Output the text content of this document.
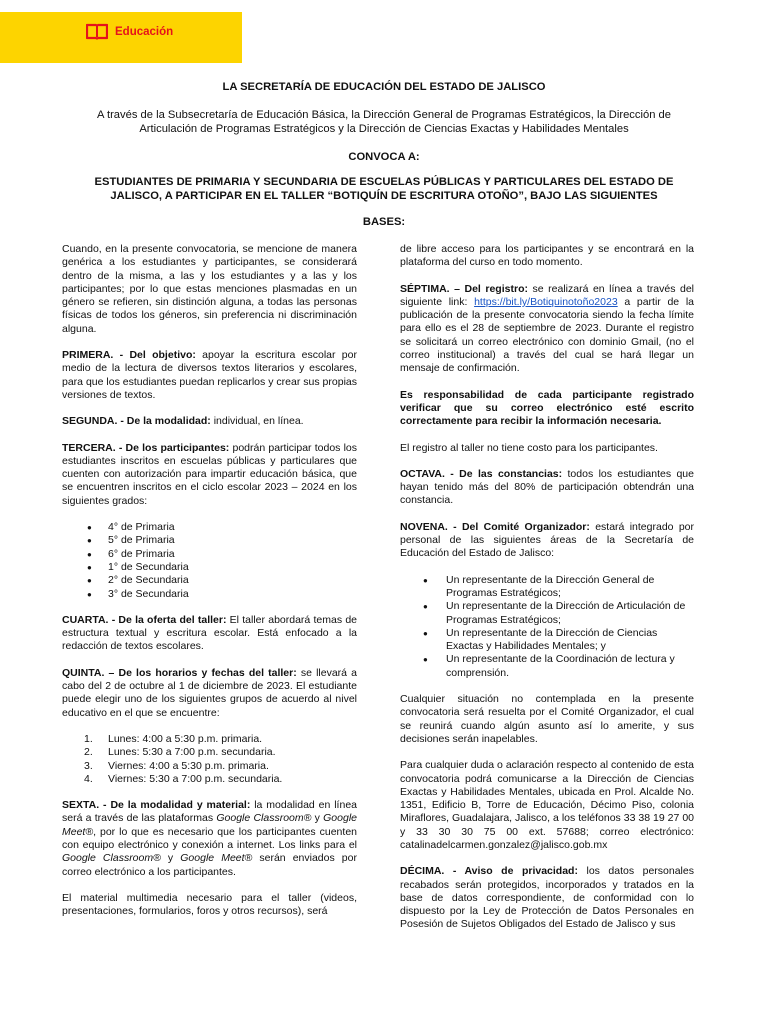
Educación
LA SECRETARÍA DE EDUCACIÓN DEL ESTADO DE JALISCO
A través de la Subsecretaría de Educación Básica, la Dirección General de Programas Estratégicos, la Dirección de Articulación de Programas Estratégicos y la Dirección de Ciencias Exactas y Habilidades Mentales
CONVOCA A:
ESTUDIANTES DE PRIMARIA Y SECUNDARIA DE ESCUELAS PÚBLICAS Y PARTICULARES DEL ESTADO DE JALISCO, A PARTICIPAR EN EL TALLER “BOTIQUÍN DE ESCRITURA OTOÑO”, BAJO LAS SIGUIENTES
BASES:

Cuando, en la presente convocatoria, se mencione de manera genérica a los estudiantes y participantes, se considerará dentro de la misma, a las y los estudiantes y a las y los participantes; por lo que estas menciones plasmadas en un género se refieren, sin distinción alguna, a todas las personas físicas de todos los géneros, sin preferencia ni discriminación alguna.

PRIMERA. - Del objetivo: apoyar la escritura escolar por medio de la lectura de diversos textos literarios y escolares, para que los estudiantes puedan replicarlos y crear sus propias versiones de textos.

SEGUNDA. - De la modalidad: individual, en línea.

TERCERA. - De los participantes: podrán participar todos los estudiantes inscritos en escuelas públicas y particulares que cuenten con autorización para impartir educación básica, que se encuentren inscritos en el ciclo escolar 2023 – 2024 en los siguientes grados:

● 4° de Primaria
● 5° de Primaria
● 6° de Primaria
● 1° de Secundaria
● 2° de Secundaria
● 3° de Secundaria

CUARTA. - De la oferta del taller: El taller abordará temas de estructura textual y escritura escolar. Está enfocado a la redacción de textos escolares.

QUINTA. – De los horarios y fechas del taller: se llevará a cabo del 2 de octubre al 1 de diciembre de 2023. El estudiante puede elegir uno de los siguientes grupos de acuerdo al nivel educativo en el que se encuentre:

1. Lunes: 4:00 a 5:30 p.m. primaria.
2. Lunes: 5:30 a 7:00 p.m. secundaria.
3. Viernes: 4:00 a 5:30 p.m. primaria.
4. Viernes: 5:30 a 7:00 p.m. secundaria.

SEXTA. - De la modalidad y material: la modalidad en línea será a través de las plataformas Google Classroom® y Google Meet®, por lo que es necesario que los participantes cuenten con equipo electrónico y conexión a internet. Los links para el Google Classroom® y Google Meet® serán enviados por correo electrónico a los participantes.

El material multimedia necesario para el taller (videos, presentaciones, formularios, foros y otros recursos), será

de libre acceso para los participantes y se encontrará en la plataforma del curso en todo momento.

SÉPTIMA. – Del registro: se realizará en línea a través del siguiente link: https://bit.ly/Botiquinotoño2023 a partir de la publicación de la presente convocatoria siendo la fecha límite para ello es el 28 de septiembre de 2023. Durante el registro se solicitará un correo electrónico con dominio Gmail, (no el correo institucional) a través del cual se hará llegar un mensaje de confirmación.

Es responsabilidad de cada participante registrado verificar que su correo electrónico esté escrito correctamente para recibir la información necesaria.

El registro al taller no tiene costo para los participantes.

OCTAVA. - De las constancias: todos los estudiantes que hayan tenido más del 80% de participación obtendrán una constancia.

NOVENA. - Del Comité Organizador: estará integrado por personal de las siguientes áreas de la Secretaría de Educación del Estado de Jalisco:

● Un representante de la Dirección General de Programas Estratégicos;
● Un representante de la Dirección de Articulación de Programas Estratégicos;
● Un representante de la Dirección de Ciencias Exactas y Habilidades Mentales; y
● Un representante de la Coordinación de lectura y comprensión.

Cualquier situación no contemplada en la presente convocatoria será resuelta por el Comité Organizador, el cual se reunirá cuando algún asunto así lo amerite, y sus decisiones serán inapelables.

Para cualquier duda o aclaración respecto al contenido de esta convocatoria podrá comunicarse a la Dirección de Ciencias Exactas y Habilidades Mentales, ubicada en Prol. Alcalde No. 1351, Edificio B, Torre de Educación, Décimo Piso, colonia Miraflores, Guadalajara, Jalisco, a los teléfonos 33 38 19 27 00 y 33 30 30 75 00 ext. 57688; correo electrónico: catalinadelcarmen.gonzalez@jalisco.gob.mx

DÉCIMA. - Aviso de privacidad: los datos personales recabados serán protegidos, incorporados y tratados en la base de datos correspondiente, de conformidad con lo dispuesto por la Ley de Protección de Datos Personales en Posesión de Sujetos Obligados del Estado de Jalisco y sus
